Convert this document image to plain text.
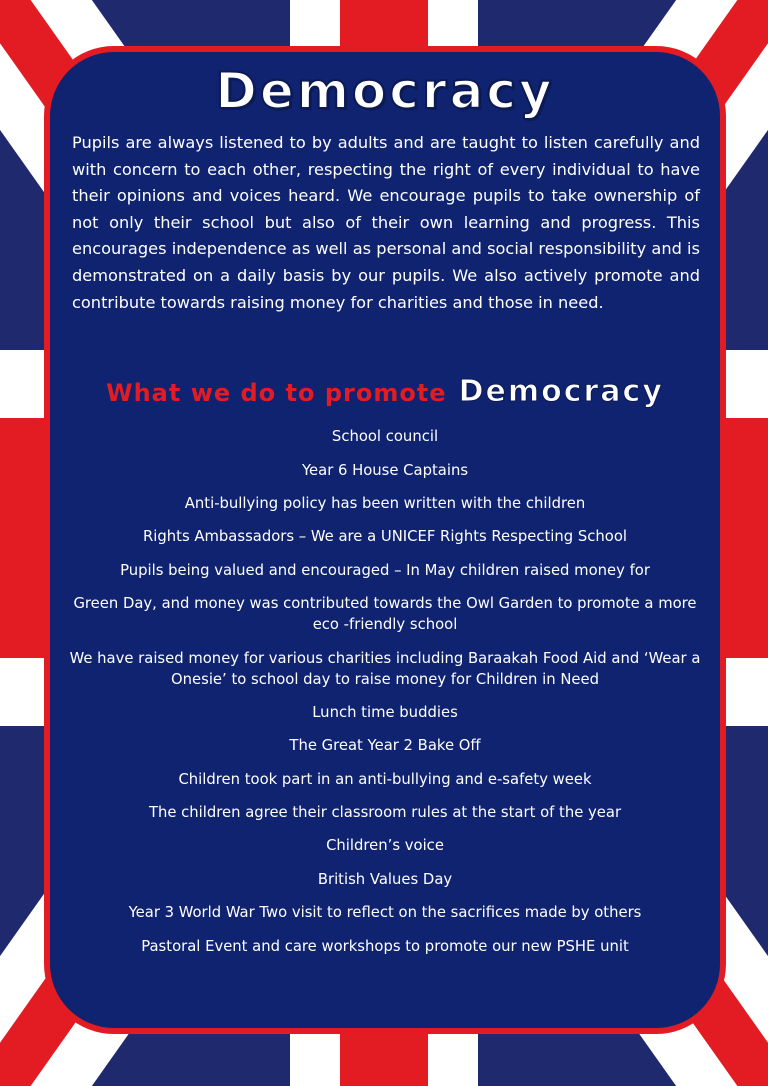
Democracy

Pupils are always listened to by adults and are taught to listen carefully and with concern to each other, respecting the right of every individual to have their opinions and voices heard. We encourage pupils to take ownership of not only their school but also of their own learning and progress. This encourages independence as well as personal and social responsibility and is demonstrated on a daily basis by our pupils. We also actively promote and contribute towards raising money for charities and those in need.

What we do to promote Democracy
School council
Year 6 House Captains
Anti-bullying policy has been written with the children
Rights Ambassadors – We are a UNICEF Rights Respecting School
Pupils being valued and encouraged – In May children raised money for
Green Day, and money was contributed towards the Owl Garden to promote a more eco -friendly school
We have raised money for various charities including Baraakah Food Aid and ‘Wear a Onesie’ to school day to raise money for Children in Need
Lunch time buddies
The Great Year 2 Bake Off
Children took part in an anti-bullying and e-safety week
The children agree their classroom rules at the start of the year
Children’s voice
British Values Day
Year 3 World War Two visit to reflect on the sacrifices made by others
Pastoral Event and care workshops to promote our new PSHE unit
